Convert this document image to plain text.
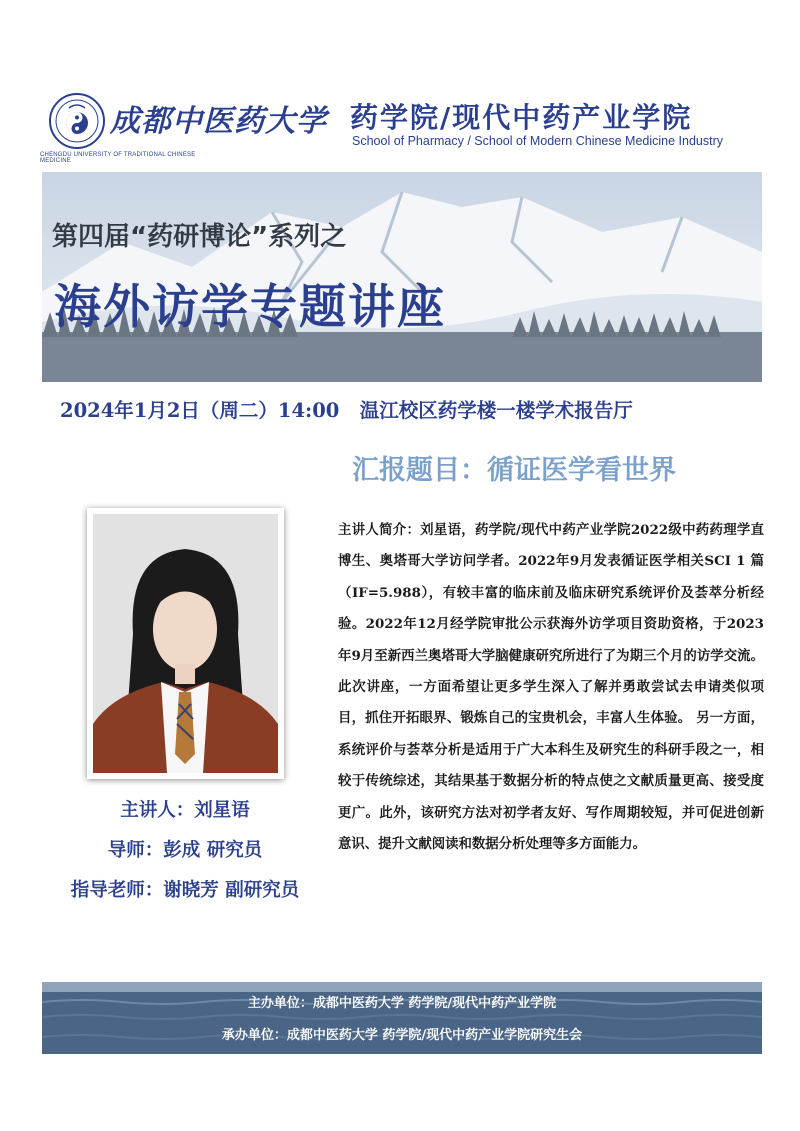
CHENGDU UNIVERSITY OF TRADITIONAL CHINESE MEDICINE
成都中医药大学 药学院/现代中药产业学院
School of Pharmacy / School of Modern Chinese Medicine Industry
第四届“药研博论”系列之
海外访学专题讲座
2024年1月2日（周二）14:00   温江校区药学楼一楼学术报告厅
汇报题目：循证医学看世界
主讲人：刘星语
导师：彭成 研究员
指导老师：谢晓芳 副研究员
主讲人简介：刘星语，药学院/现代中药产业学院2022级中药药理学直博生、奥塔哥大学访问学者。2022年9月发表循证医学相关SCI 1 篇（IF=5.988），有较丰富的临床前及临床研究系统评价及荟萃分析经验。2022年12月经学院审批公示获海外访学项目资助资格，于2023年9月至新西兰奥塔哥大学脑健康研究所进行了为期三个月的访学交流。 此次讲座，一方面希望让更多学生深入了解并勇敢尝试去申请类似项目，抓住开拓眼界、锻炼自己的宝贵机会，丰富人生体验。 另一方面，系统评价与荟萃分析是适用于广大本科生及研究生的科研手段之一，相较于传统综述，其结果基于数据分析的特点使之文献质量更高、接受度更广。此外，该研究方法对初学者友好、写作周期较短，并可促进创新意识、提升文献阅读和数据分析处理等多方面能力。
主办单位：成都中医药大学 药学院/现代中药产业学院
承办单位：成都中医药大学 药学院/现代中药产业学院研究生会
